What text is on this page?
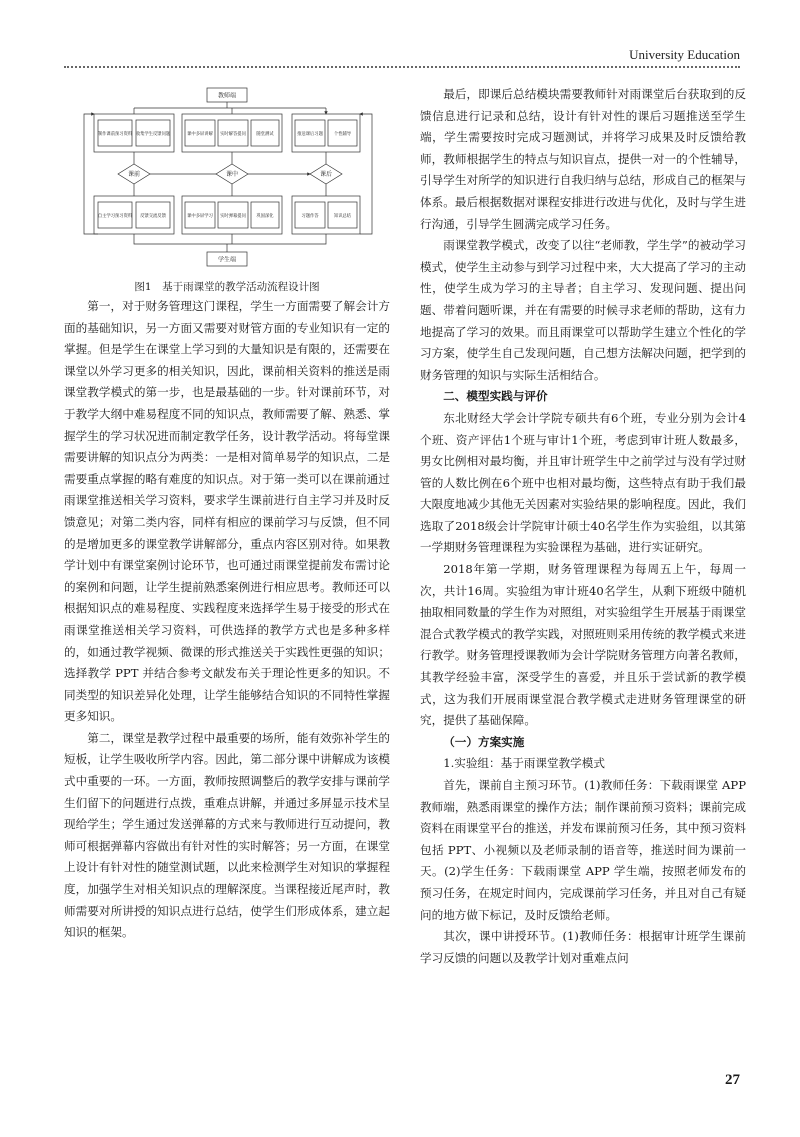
University Education
教师端
学生端
课前	课中	课后
制作课前预习资料 收集学生反馈问题	课中多屏讲解 实时解答提问 随堂测试	推送课后习题	个性辅导
自主学习预习资料 反馈交流反馈	课中多屏学习 实时弹幕提问 巩固深化	习题作答	知识总结

图1　基于雨课堂的教学活动流程设计图

第一，对于财务管理这门课程，学生一方面需要了解会计方面的基础知识，另一方面又需要对财管方面的专业知识有一定的掌握。但是学生在课堂上学习到的大量知识是有限的，还需要在课堂以外学习更多的相关知识，因此，课前相关资料的推送是雨课堂教学模式的第一步，也是最基础的一步。针对课前环节，对于教学大纲中难易程度不同的知识点，教师需要了解、熟悉、掌握学生的学习状况进而制定教学任务，设计教学活动。将每堂课需要讲解的知识点分为两类：一是相对简单易学的知识点，二是需要重点掌握的略有难度的知识点。对于第一类可以在课前通过雨课堂推送相关学习资料，要求学生课前进行自主学习并及时反馈意见；对第二类内容，同样有相应的课前学习与反馈，但不同的是增加更多的课堂教学讲解部分，重点内容区别对待。如果教学计划中有课堂案例讨论环节，也可通过雨课堂提前发布需讨论的案例和问题，让学生提前熟悉案例进行相应思考。教师还可以根据知识点的难易程度、实践程度来选择学生易于接受的形式在雨课堂推送相关学习资料，可供选择的教学方式也是多种多样的，如通过教学视频、微课的形式推送关于实践性更强的知识；选择教学 PPT 并结合参考文献发布关于理论性更多的知识。不同类型的知识差异化处理，让学生能够结合知识的不同特性掌握更多知识。

第二，课堂是教学过程中最重要的场所，能有效弥补学生的短板，让学生吸收所学内容。因此，第二部分课中讲解成为该模式中重要的一环。一方面，教师按照调整后的教学安排与课前学生们留下的问题进行点拨，重难点讲解，并通过多屏显示技术呈现给学生；学生通过发送弹幕的方式来与教师进行互动提问，教师可根据弹幕内容做出有针对性的实时解答；另一方面，在课堂上设计有针对性的随堂测试题，以此来检测学生对知识的掌握程度，加强学生对相关知识点的理解深度。当课程接近尾声时，教师需要对所讲授的知识点进行总结，使学生们形成体系，建立起知识的框架。

最后，即课后总结模块需要教师针对雨课堂后台获取到的反馈信息进行记录和总结，设计有针对性的课后习题推送至学生端，学生需要按时完成习题测试，并将学习成果及时反馈给教师，教师根据学生的特点与知识盲点，提供一对一的个性辅导，引导学生对所学的知识进行自我归纳与总结，形成自己的框架与体系。最后根据数据对课程安排进行改进与优化，及时与学生进行沟通，引导学生圆满完成学习任务。

雨课堂教学模式，改变了以往“老师教，学生学”的被动学习模式，使学生主动参与到学习过程中来，大大提高了学习的主动性，使学生成为学习的主导者；自主学习、发现问题、提出问题、带着问题听课，并在有需要的时候寻求老师的帮助，这有力地提高了学习的效果。而且雨课堂可以帮助学生建立个性化的学习方案，使学生自己发现问题，自己想方法解决问题，把学到的财务管理的知识与实际生活相结合。

二、模型实践与评价

东北财经大学会计学院专硕共有6个班，专业分别为会计4个班、资产评估1个班与审计1个班，考虑到审计班人数最多，男女比例相对最均衡，并且审计班学生中之前学过与没有学过财管的人数比例在6个班中也相对最均衡，这些特点有助于我们最大限度地减少其他无关因素对实验结果的影响程度。因此，我们选取了2018级会计学院审计硕士40名学生作为实验组，以其第一学期财务管理课程为实验课程为基础，进行实证研究。

2018年第一学期，财务管理课程为每周五上午，每周一次，共计16周。实验组为审计班40名学生，从剩下班级中随机抽取相同数量的学生作为对照组，对实验组学生开展基于雨课堂混合式教学模式的教学实践，对照班则采用传统的教学模式来进行教学。财务管理授课教师为会计学院财务管理方向著名教师，其教学经验丰富，深受学生的喜爱，并且乐于尝试新的教学模式，这为我们开展雨课堂混合教学模式走进财务管理课堂的研究，提供了基础保障。

（一）方案实施

1.实验组：基于雨课堂教学模式

首先，课前自主预习环节。(1)教师任务：下载雨课堂 APP 教师端，熟悉雨课堂的操作方法；制作课前预习资料；课前完成资料在雨课堂平台的推送，并发布课前预习任务，其中预习资料包括 PPT、小视频以及老师录制的语音等，推送时间为课前一天。(2)学生任务：下载雨课堂 APP 学生端，按照老师发布的预习任务，在规定时间内，完成课前学习任务，并且对自己有疑问的地方做下标记，及时反馈给老师。

其次，课中讲授环节。(1)教师任务：根据审计班学生课前学习反馈的问题以及教学计划对重难点问

27
